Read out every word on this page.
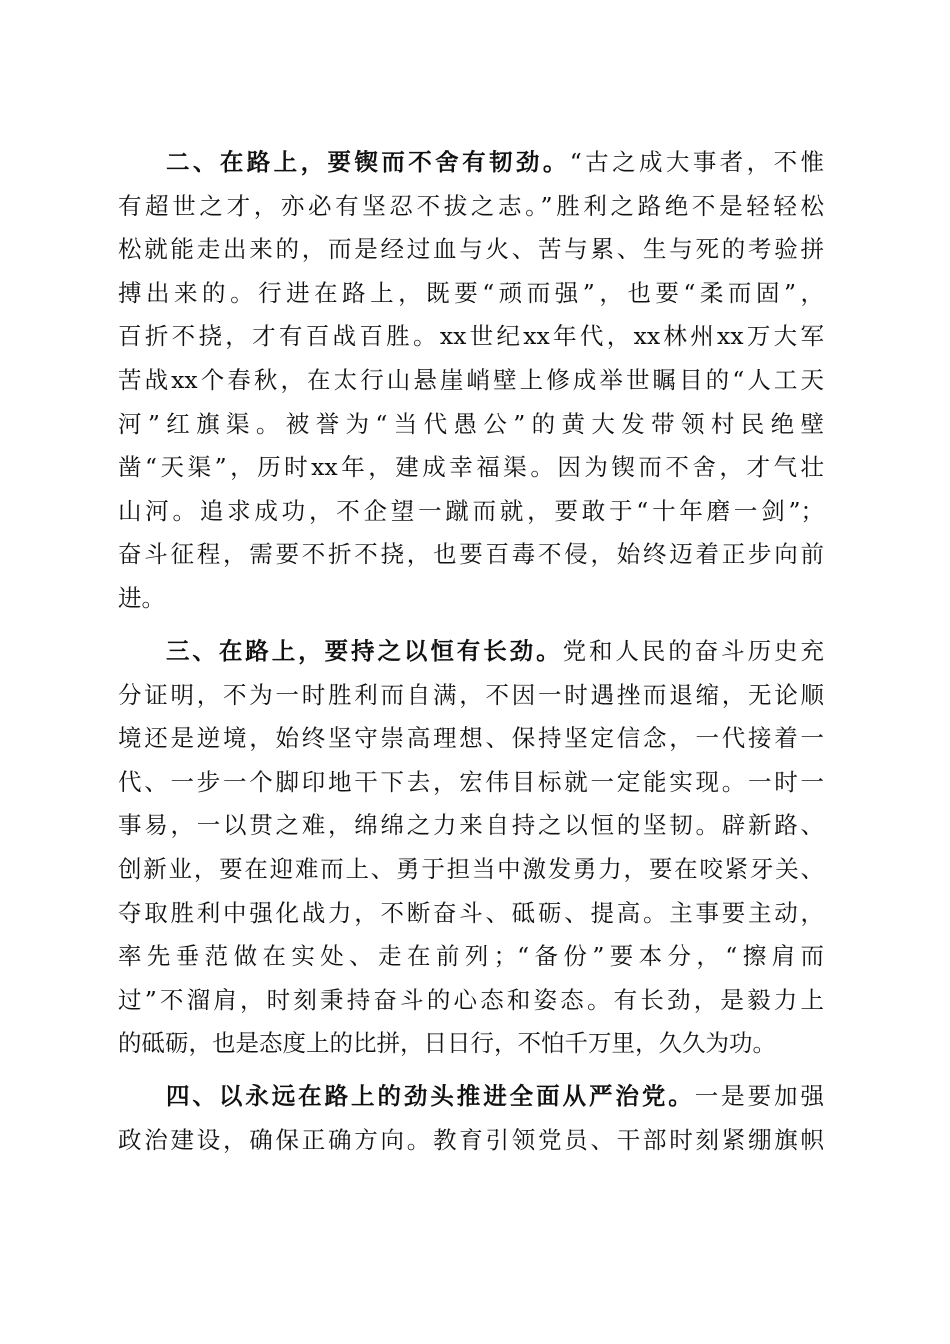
二、在路上，要锲而不舍有韧劲。“古之成大事者，不惟
有超世之才，亦必有坚忍不拔之志。”胜利之路绝不是轻轻松
松就能走出来的，而是经过血与火、苦与累、生与死的考验拼
搏出来的。行进在路上，既要“顽而强”，也要“柔而固”，
百折不挠，才有百战百胜。xx世纪xx年代，xx林州xx万大军
苦战xx个春秋，在太行山悬崖峭壁上修成举世瞩目的“人工天
河”红旗渠。被誉为“当代愚公”的黄大发带领村民绝壁
凿“天渠”，历时xx年，建成幸福渠。因为锲而不舍，才气壮
山河。追求成功，不企望一蹴而就，要敢于“十年磨一剑”；
奋斗征程，需要不折不挠，也要百毒不侵，始终迈着正步向前
进。
三、在路上，要持之以恒有长劲。党和人民的奋斗历史充
分证明，不为一时胜利而自满，不因一时遇挫而退缩，无论顺
境还是逆境，始终坚守崇高理想、保持坚定信念，一代接着一
代、一步一个脚印地干下去，宏伟目标就一定能实现。一时一
事易，一以贯之难，绵绵之力来自持之以恒的坚韧。辟新路、
创新业，要在迎难而上、勇于担当中激发勇力，要在咬紧牙关、
夺取胜利中强化战力，不断奋斗、砥砺、提高。主事要主动，
率先垂范做在实处、走在前列；“备份”要本分，“擦肩而
过”不溜肩，时刻秉持奋斗的心态和姿态。有长劲，是毅力上
的砥砺，也是态度上的比拼，日日行，不怕千万里，久久为功。
四、以永远在路上的劲头推进全面从严治党。一是要加强
政治建设，确保正确方向。教育引领党员、干部时刻紧绷旗帜
